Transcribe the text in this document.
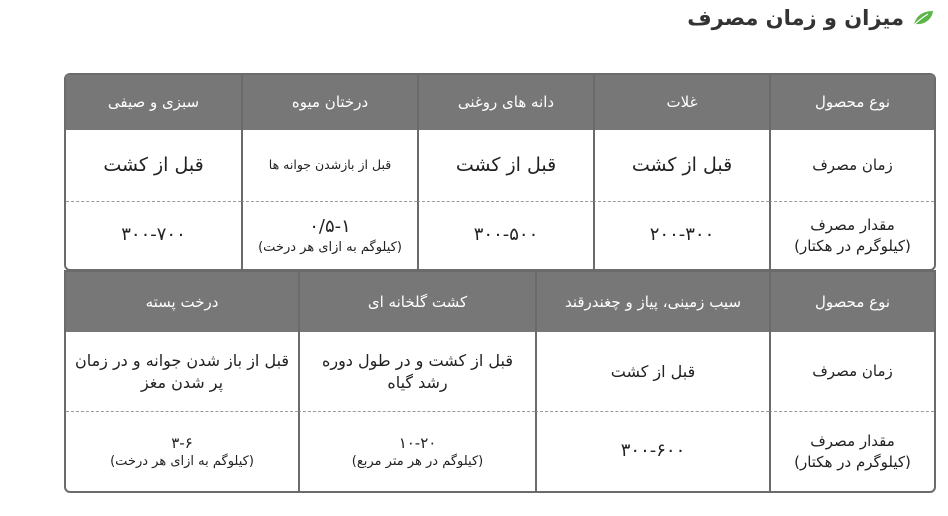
میزان و زمان مصرف
نوع محصول
غلات
دانه های روغنی
درختان میوه
سبزی و صیفی
زمان مصرف
قبل از کشت
قبل از کشت
قبل از بازشدن جوانه ها
قبل از کشت
مقدار مصرف
(کیلوگرم در هکتار)
۲۰۰-۳۰۰
۳۰۰-۵۰۰
۰/۵-۱
(کیلوگم به ازای هر درخت)
۳۰۰-۷۰۰
نوع محصول
سیب زمینی، پیاز و چغندرقند
کشت گلخانه ای
درخت پسته
زمان مصرف
قبل از کشت
قبل از کشت و در طول دوره رشد گیاه
قبل از باز شدن جوانه و در زمان پر شدن مغز
مقدار مصرف
(کیلوگرم در هکتار)
۳۰۰-۶۰۰
۱۰-۲۰
(کیلوگم در هر متر مربع)
۳-۶
(کیلوگم به ازای هر درخت)
